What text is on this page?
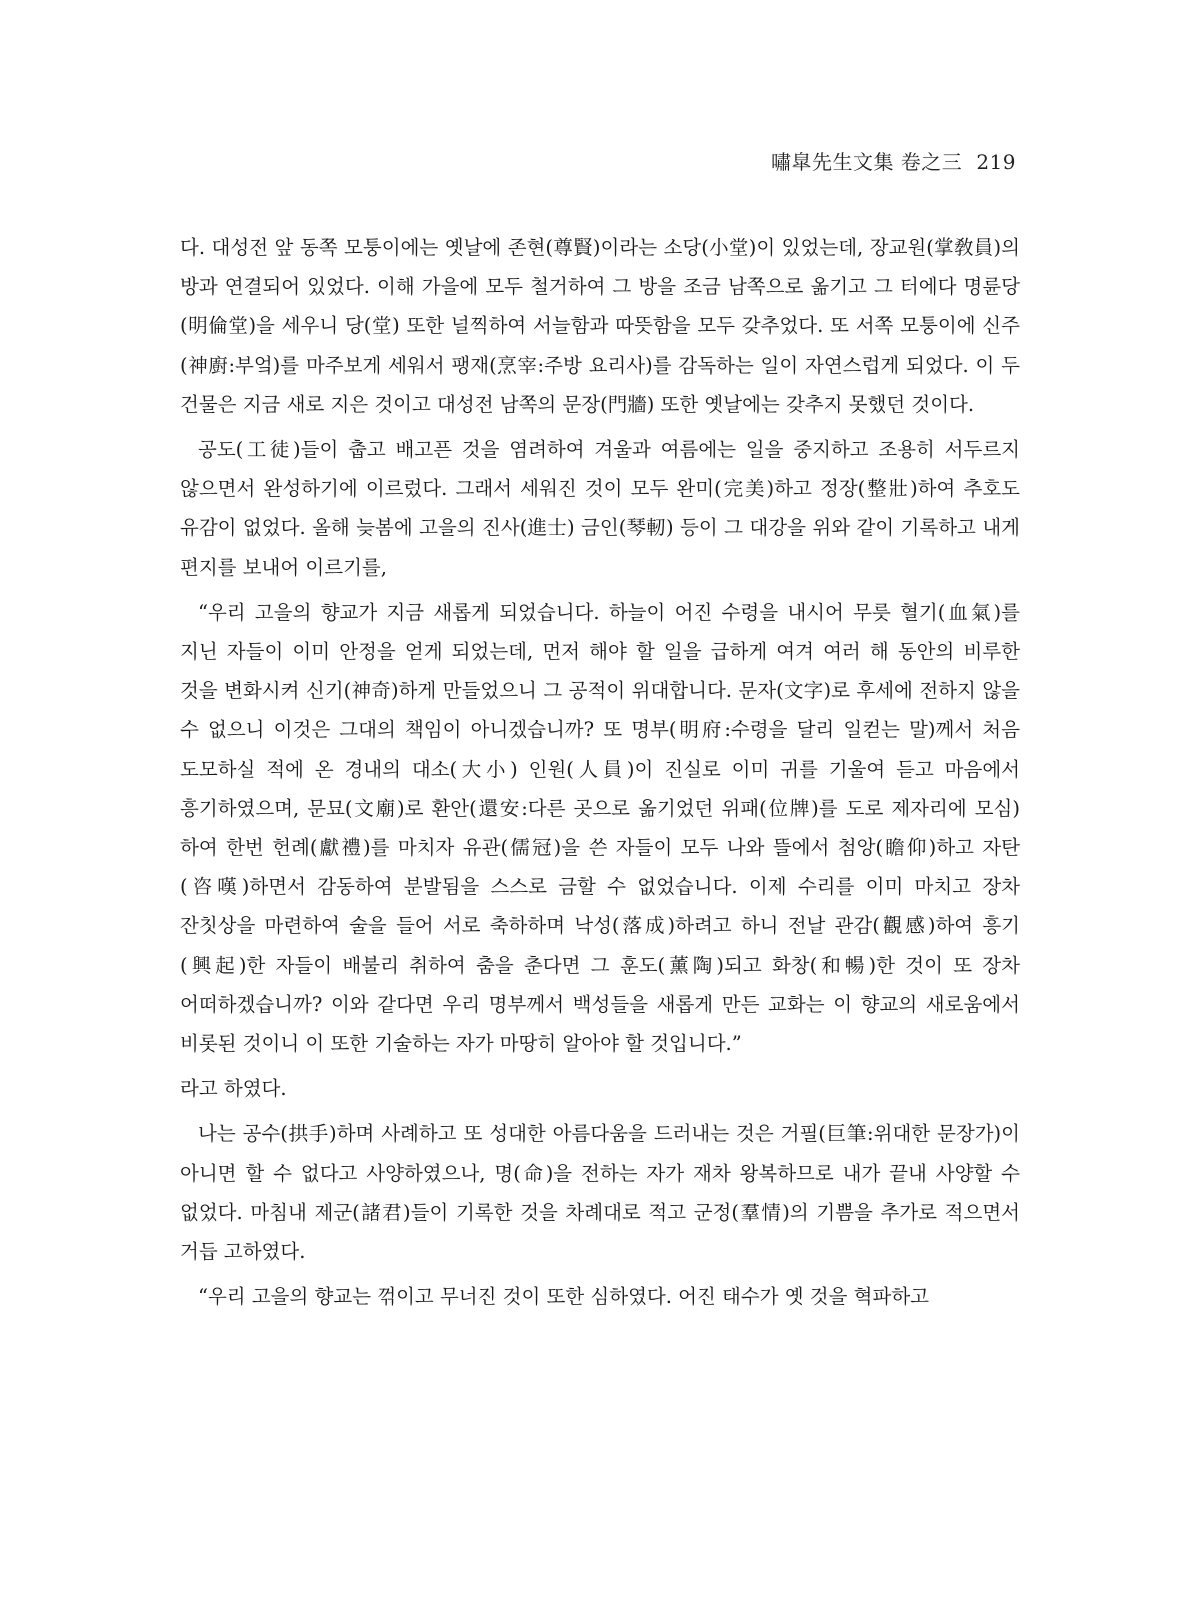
嘯皐先生文集 卷之三 219

다. 대성전 앞 동쪽 모퉁이에는 옛날에 존현(尊賢)이라는 소당(小堂)이 있었는데, 장교원(掌敎員)의 방과 연결되어 있었다. 이해 가을에 모두 철거하여 그 방을 조금 남쪽으로 옮기고 그 터에다 명륜당(明倫堂)을 세우니 당(堂) 또한 널찍하여 서늘함과 따뜻함을 모두 갖추었다. 또 서쪽 모퉁이에 신주(神廚:부엌)를 마주보게 세워서 팽재(烹宰:주방 요리사)를 감독하는 일이 자연스럽게 되었다. 이 두 건물은 지금 새로 지은 것이고 대성전 남쪽의 문장(門牆) 또한 옛날에는 갖추지 못했던 것이다.

공도(工徒)들이 춥고 배고픈 것을 염려하여 겨울과 여름에는 일을 중지하고 조용히 서두르지 않으면서 완성하기에 이르렀다. 그래서 세워진 것이 모두 완미(完美)하고 정장(整壯)하여 추호도 유감이 없었다. 올해 늦봄에 고을의 진사(進士) 금인(琴軔) 등이 그 대강을 위와 같이 기록하고 내게 편지를 보내어 이르기를,

“우리 고을의 향교가 지금 새롭게 되었습니다. 하늘이 어진 수령을 내시어 무릇 혈기(血氣)를 지닌 자들이 이미 안정을 얻게 되었는데, 먼저 해야 할 일을 급하게 여겨 여러 해 동안의 비루한 것을 변화시켜 신기(神奇)하게 만들었으니 그 공적이 위대합니다. 문자(文字)로 후세에 전하지 않을 수 없으니 이것은 그대의 책임이 아니겠습니까? 또 명부(明府:수령을 달리 일컫는 말)께서 처음 도모하실 적에 온 경내의 대소(大小) 인원(人員)이 진실로 이미 귀를 기울여 듣고 마음에서 흥기하였으며, 문묘(文廟)로 환안(還安:다른 곳으로 옮기었던 위패(位牌)를 도로 제자리에 모심)하여 한번 헌례(獻禮)를 마치자 유관(儒冠)을 쓴 자들이 모두 나와 뜰에서 첨앙(瞻仰)하고 자탄(咨嘆)하면서 감동하여 분발됨을 스스로 금할 수 없었습니다. 이제 수리를 이미 마치고 장차 잔칫상을 마련하여 술을 들어 서로 축하하며 낙성(落成)하려고 하니 전날 관감(觀感)하여 흥기(興起)한 자들이 배불리 취하여 춤을 춘다면 그 훈도(薰陶)되고 화창(和暢)한 것이 또 장차 어떠하겠습니까? 이와 같다면 우리 명부께서 백성들을 새롭게 만든 교화는 이 향교의 새로움에서 비롯된 것이니 이 또한 기술하는 자가 마땅히 알아야 할 것입니다.”

라고 하였다.

나는 공수(拱手)하며 사례하고 또 성대한 아름다움을 드러내는 것은 거필(巨筆:위대한 문장가)이 아니면 할 수 없다고 사양하였으나, 명(命)을 전하는 자가 재차 왕복하므로 내가 끝내 사양할 수 없었다. 마침내 제군(諸君)들이 기록한 것을 차례대로 적고 군정(羣情)의 기쁨을 추가로 적으면서 거듭 고하였다.

“우리 고을의 향교는 꺾이고 무너진 것이 또한 심하였다. 어진 태수가 옛 것을 혁파하고
